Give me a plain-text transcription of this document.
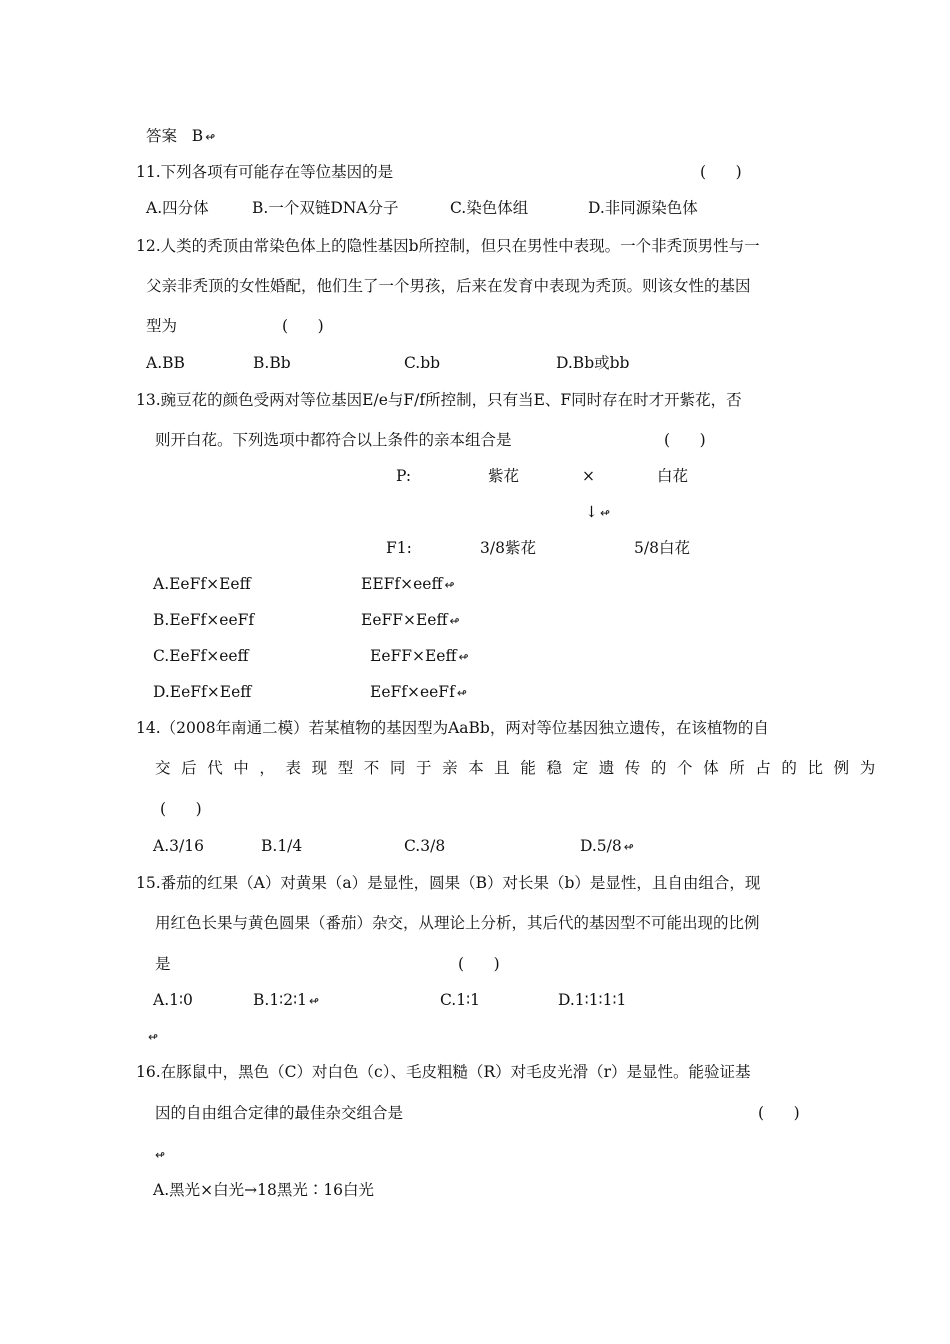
答案 B ↫
11.下列各项有可能存在等位基因的是	(      )
A.四分体	B.一个双链DNA分子	C.染色体组	D.非同源染色体
12.人类的秃顶由常染色体上的隐性基因b所控制，但只在男性中表现。一个非秃顶男性与一
父亲非秃顶的女性婚配，他们生了一个男孩，后来在发育中表现为秃顶。则该女性的基因
型为	(      )
A.BB	B.Bb	C.bb	D.Bb或bb
13.豌豆花的颜色受两对等位基因E/e与F/f所控制，只有当E、F同时存在时才开紫花，否
则开白花。下列选项中都符合以上条件的亲本组合是	(      )
P:	紫花	×	白花
↓ ↫
F1:	3/8紫花	5/8白花
A.EeFf×Eeff	EEFf×eeff ↫
B.EeFf×eeFf	EeFF×Eeff ↫
C.EeFf×eeff	EeFF×Eeff ↫
D.EeFf×Eeff	EeFf×eeFf ↫
14.（2008年南通二模）若某植物的基因型为AaBb，两对等位基因独立遗传，在该植物的自
交后代中，表现型不同于亲本且能稳定遗传的个体所占的比例为
(      )
A.3/16	B.1/4	C.3/8	D.5/8 ↫
15.番茄的红果（A）对黄果（a）是显性，圆果（B）对长果（b）是显性，且自由组合，现
用红色长果与黄色圆果（番茄）杂交，从理论上分析，其后代的基因型不可能出现的比例
是	(      )
A.1∶0	B.1∶2∶1 ↫	C.1∶1	D.1∶1∶1∶1
↫
16.在豚鼠中，黑色（C）对白色（c）、毛皮粗糙（R）对毛皮光滑（r）是显性。能验证基
因的自由组合定律的最佳杂交组合是	(      )
↫
A.黑光×白光→18黑光∶16白光
